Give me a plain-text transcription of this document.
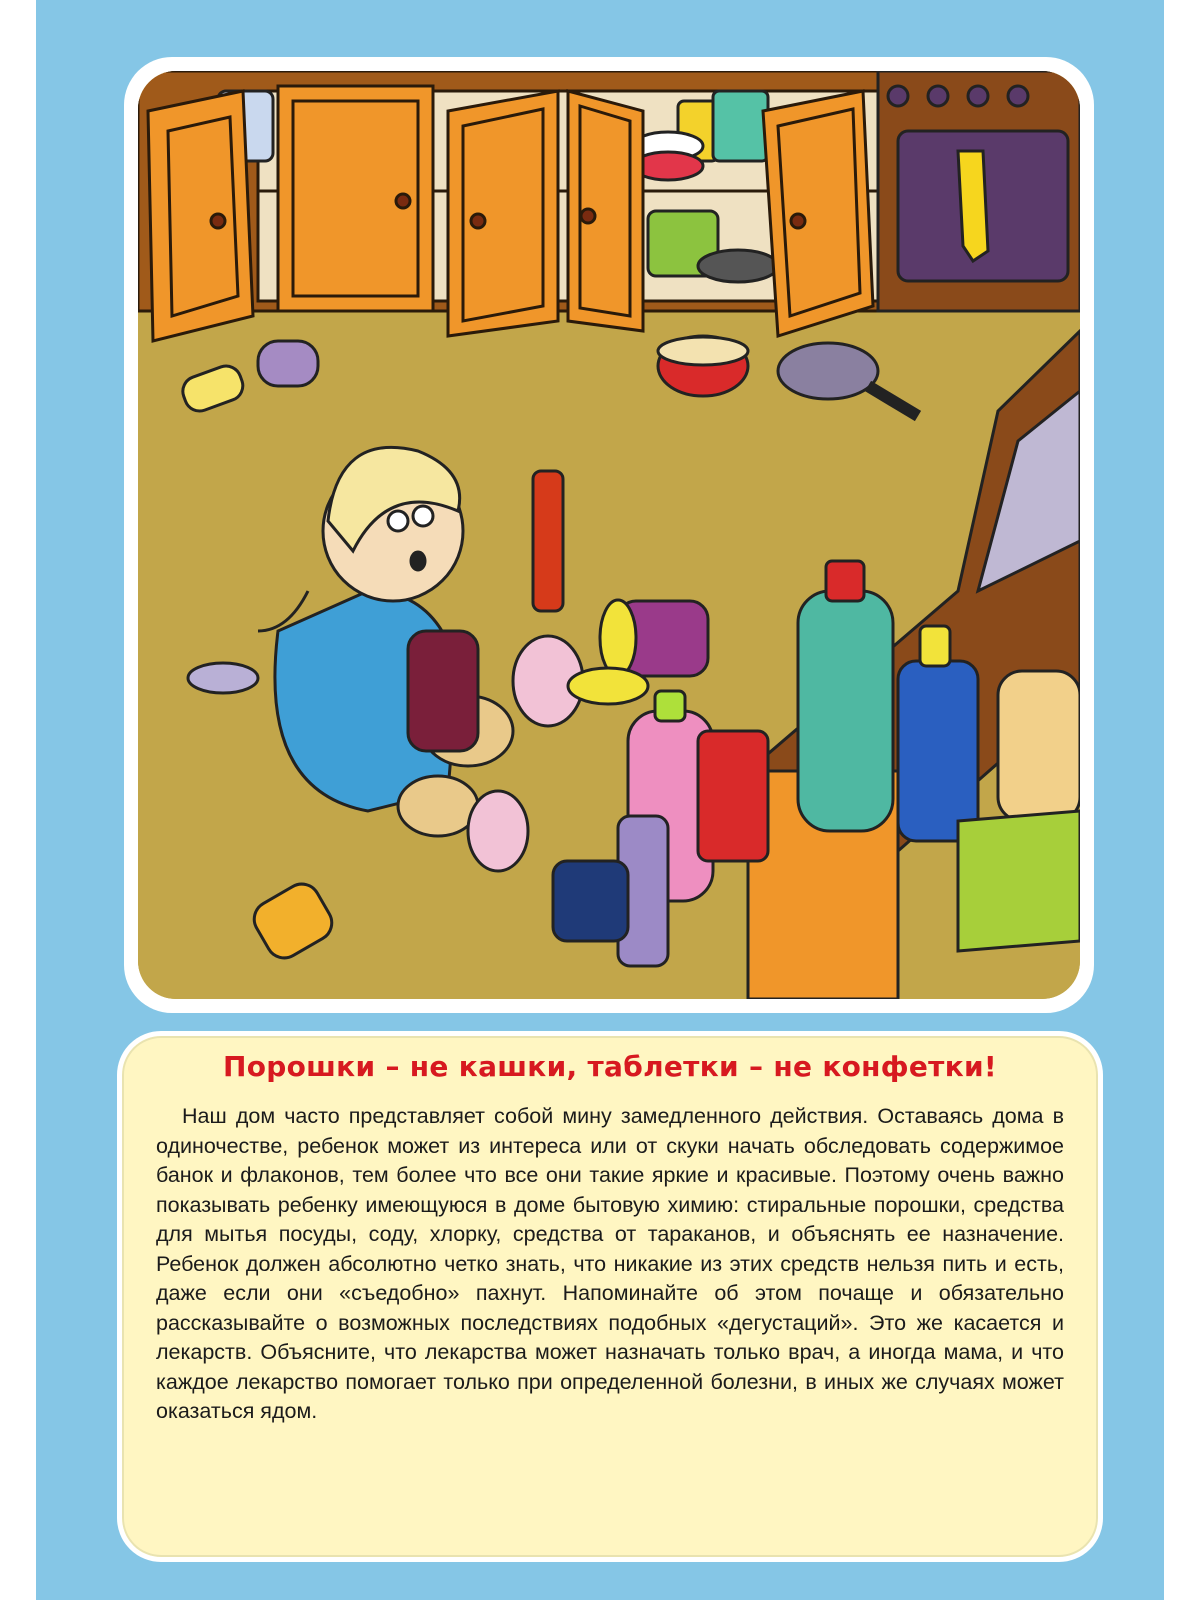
Порошки – не кашки, таблетки – не конфетки!

Наш дом часто представляет собой мину замедленного действия. Оставаясь дома в одиночестве, ребенок может из интереса или от скуки начать обследовать содержимое банок и флаконов, тем более что все они такие яркие и красивые. Поэтому очень важно показывать ребенку имеющуюся в доме бытовую химию: стиральные порошки, средства для мытья посуды, соду, хлорку, средства от тараканов, и объяснять ее назначение. Ребенок должен абсолютно четко знать, что никакие из этих средств нельзя пить и есть, даже если они «съедобно» пахнут. Напоминайте об этом почаще и обязательно рассказывайте о возможных последствиях подобных «дегустаций». Это же касается и лекарств. Объясните, что лекарства может назначать только врач, а иногда мама, и что каждое лекарство помогает только при определенной болезни, в иных же случаях может оказаться ядом.
